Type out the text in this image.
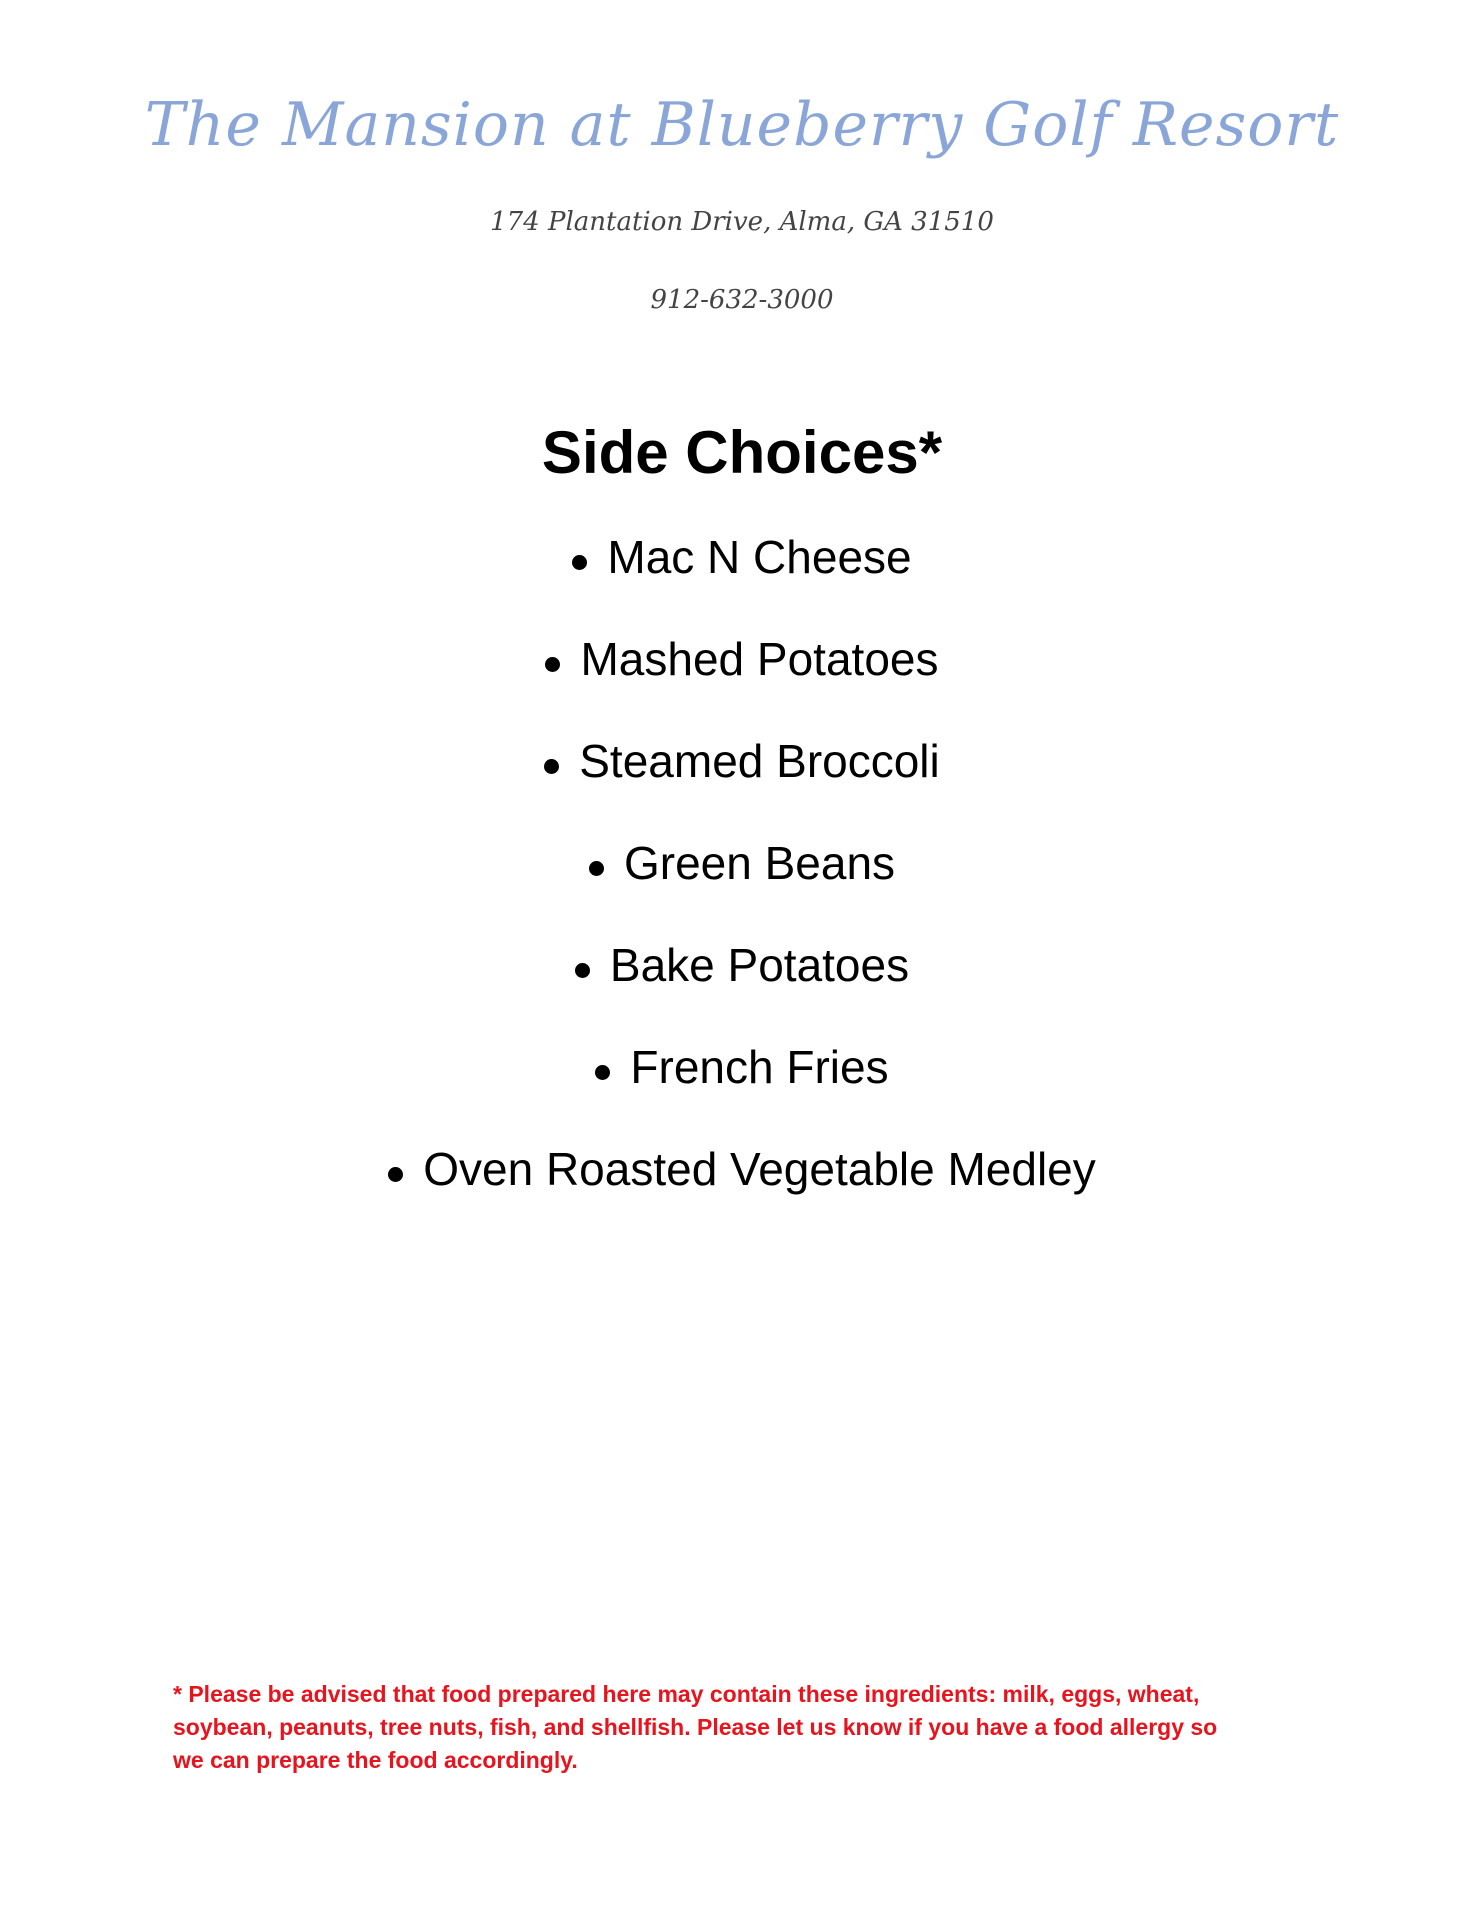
The Mansion at Blueberry Golf Resort
174 Plantation Drive, Alma, GA 31510
912-632-3000
Side Choices*
Mac N Cheese
Mashed Potatoes
Steamed Broccoli
Green Beans
Bake Potatoes
French Fries
Oven Roasted Vegetable Medley
* Please be advised that food prepared here may contain these ingredients: milk, eggs, wheat, soybean, peanuts, tree nuts, fish, and shellfish. Please let us know if you have a food allergy so we can prepare the food accordingly.
